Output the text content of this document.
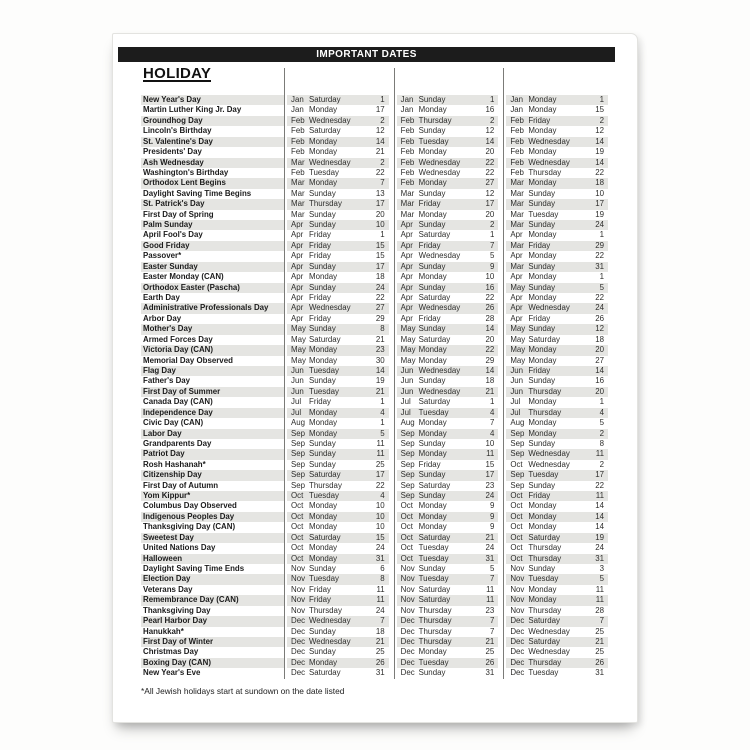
IMPORTANT DATES
HOLIDAY
New Year's Day	Jan Saturday	1 Jan Sunday	1 Jan Monday	1
Martin Luther King Jr. Day	Jan Monday	17 Jan Monday	16 Jan Monday	15
Groundhog Day	Feb Wednesday	2 Feb Thursday	2 Feb Friday	2
Lincoln's Birthday	Feb Saturday	12 Feb Sunday	12 Feb Monday	12
St. Valentine's Day	Feb Monday	14 Feb Tuesday	14 Feb Wednesday	14
Presidents' Day	Feb Monday	21 Feb Monday	20 Feb Monday	19
Ash Wednesday	Mar Wednesday	2 Feb Wednesday	22 Feb Wednesday	14
Washington's Birthday	Feb Tuesday	22 Feb Wednesday	22 Feb Thursday	22
Orthodox Lent Begins	Mar Monday	7 Feb Monday	27 Mar Monday	18
Daylight Saving Time Begins	Mar Sunday	13 Mar Sunday	12 Mar Sunday	10
St. Patrick's Day	Mar Thursday	17 Mar Friday	17 Mar Sunday	17
First Day of Spring	Mar Sunday	20 Mar Monday	20 Mar Tuesday	19
Palm Sunday	Apr Sunday	10 Apr Sunday	2 Mar Sunday	24
April Fool's Day	Apr Friday	1 Apr Saturday	1 Apr Monday	1
Good Friday	Apr Friday	15 Apr Friday	7 Mar Friday	29
Passover*	Apr Friday	15 Apr Wednesday	5 Apr Monday	22
Easter Sunday	Apr Sunday	17 Apr Sunday	9 Mar Sunday	31
Easter Monday (CAN)	Apr Monday	18 Apr Monday	10 Apr Monday	1
Orthodox Easter (Pascha)	Apr Sunday	24 Apr Sunday	16 May Sunday	5
Earth Day	Apr Friday	22 Apr Saturday	22 Apr Monday	22
Administrative Professionals Day	Apr Wednesday	27 Apr Wednesday	26 Apr Wednesday	24
Arbor Day	Apr Friday	29 Apr Friday	28 Apr Friday	26
Mother's Day	May Sunday	8 May Sunday	14 May Sunday	12
Armed Forces Day	May Saturday	21 May Saturday	20 May Saturday	18
Victoria Day (CAN)	May Monday	23 May Monday	22 May Monday	20
Memorial Day Observed	May Monday	30 May Monday	29 May Monday	27
Flag Day	Jun Tuesday	14 Jun Wednesday	14 Jun Friday	14
Father's Day	Jun Sunday	19 Jun Sunday	18 Jun Sunday	16
First Day of Summer	Jun Tuesday	21 Jun Wednesday	21 Jun Thursday	20
Canada Day (CAN)	Jul	Friday	1 Jul	Saturday	1 Jul	Monday	1
Independence Day	Jul	Monday	4 Jul	Tuesday	4 Jul	Thursday	4
Civic Day (CAN)	Aug Monday	1 Aug Monday	7 Aug Monday	5
Labor Day	Sep Monday	5 Sep Monday	4 Sep Monday	2
Grandparents Day	Sep Sunday	11 Sep Sunday	10 Sep Sunday	8
Patriot Day	Sep Sunday	11 Sep Monday	11 Sep Wednesday	11
Rosh Hashanah*	Sep Sunday	25 Sep Friday	15 Oct Wednesday	2
Citizenship Day	Sep Saturday	17 Sep Sunday	17 Sep Tuesday	17
First Day of Autumn	Sep Thursday	22 Sep Saturday	23 Sep Sunday	22
Yom Kippur*	Oct Tuesday	4 Sep Sunday	24 Oct Friday	11
Columbus Day Observed	Oct Monday	10 Oct Monday	9 Oct Monday	14
Indigenous Peoples Day	Oct Monday	10 Oct Monday	9 Oct Monday	14
Thanksgiving Day (CAN)	Oct Monday	10 Oct Monday	9 Oct Monday	14
Sweetest Day	Oct Saturday	15 Oct Saturday	21 Oct Saturday	19
United Nations Day	Oct Monday	24 Oct Tuesday	24 Oct Thursday	24
Halloween	Oct Monday	31 Oct Tuesday	31 Oct Thursday	31
Daylight Saving Time Ends	Nov Sunday	6 Nov Sunday	5 Nov Sunday	3
Election Day	Nov Tuesday	8 Nov Tuesday	7 Nov Tuesday	5
Veterans Day	Nov Friday	11 Nov Saturday	11 Nov Monday	11
Remembrance Day (CAN)	Nov Friday	11 Nov Saturday	11 Nov Monday	11
Thanksgiving Day	Nov Thursday	24 Nov Thursday	23 Nov Thursday	28
Pearl Harbor Day	Dec Wednesday	7 Dec Thursday	7 Dec Saturday	7
Hanukkah*	Dec Sunday	18 Dec Thursday	7 Dec Wednesday	25
First Day of Winter	Dec Wednesday	21 Dec Thursday	21 Dec Saturday	21
Christmas Day	Dec Sunday	25 Dec Monday	25 Dec Wednesday	25
Boxing Day (CAN)	Dec Monday	26 Dec Tuesday	26 Dec Thursday	26
New Year's Eve	Dec Saturday	31 Dec Sunday	31 Dec Tuesday	31
*All Jewish holidays start at sundown on the date listed
